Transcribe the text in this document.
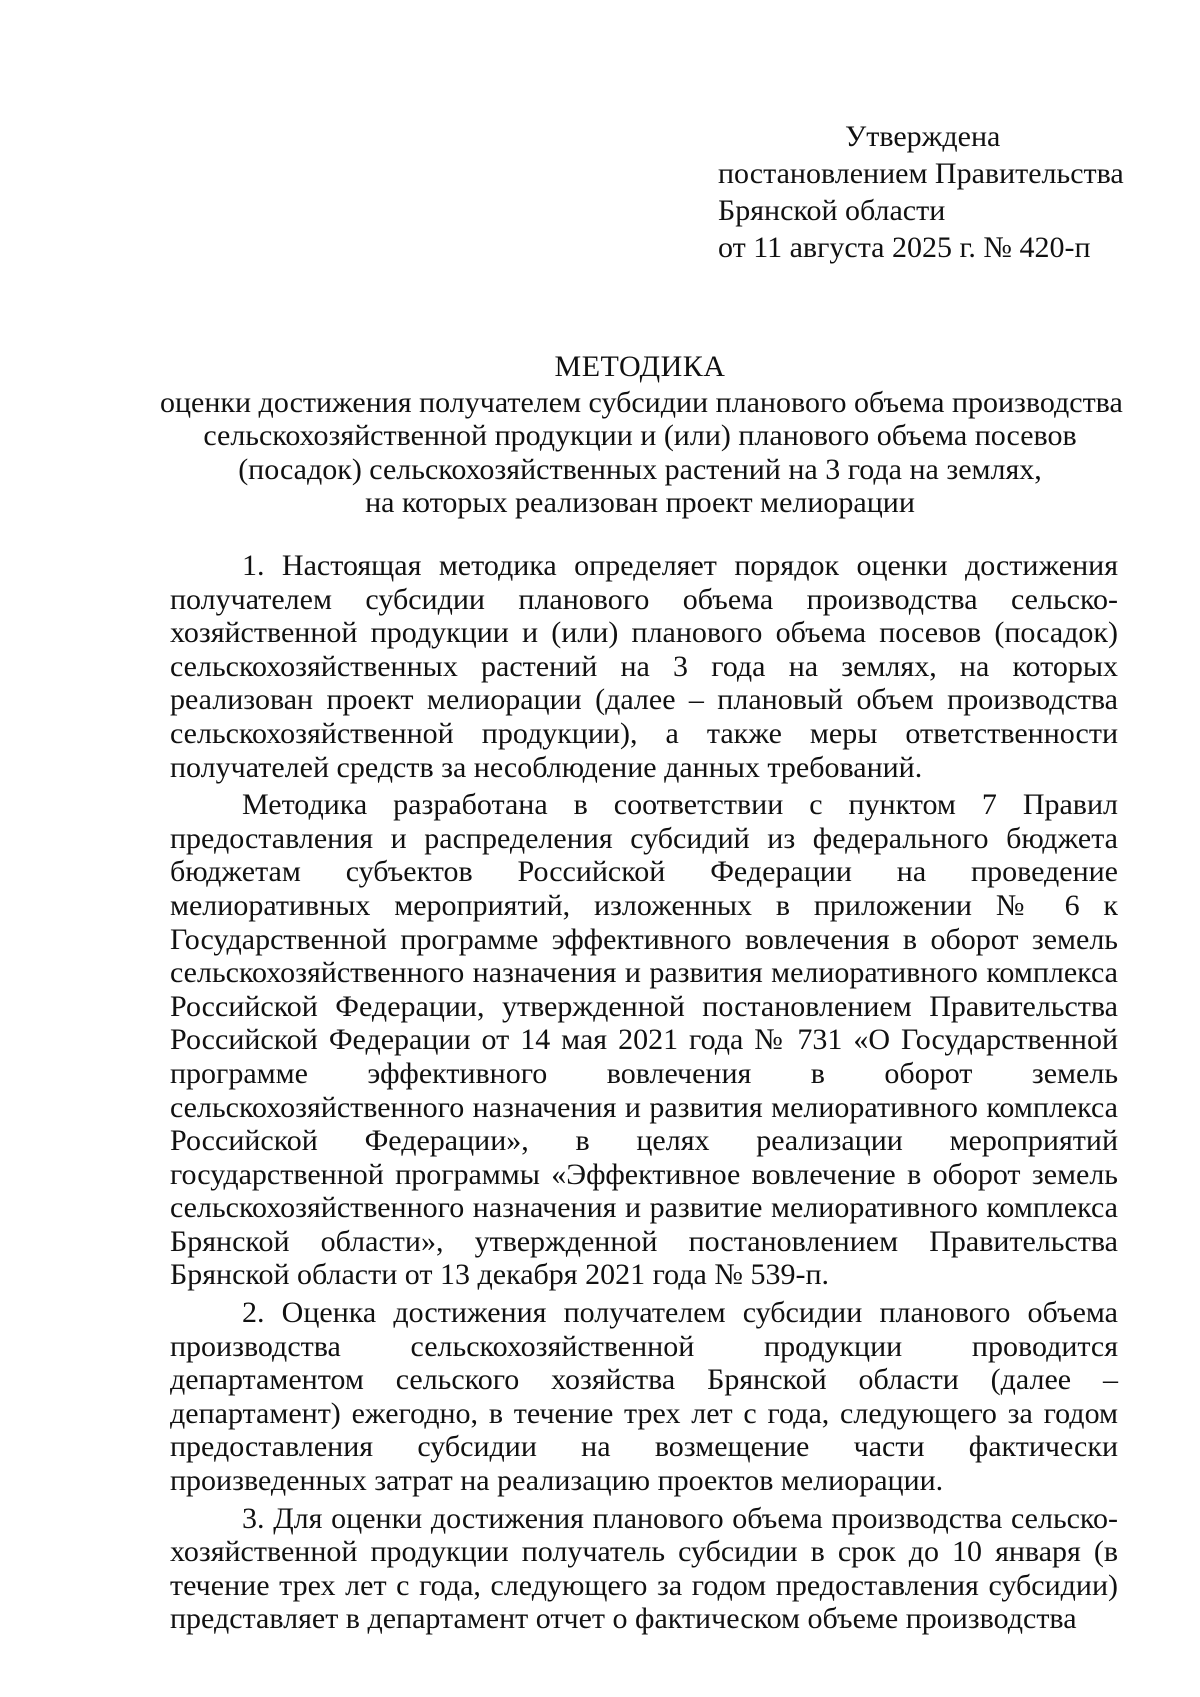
Утверждена
постановлением Правительства
Брянской области
от 11 августа 2025 г. № 420-п
МЕТОДИКА
оценки достижения получателем субсидии планового объема производства
сельскохозяйственной продукции и (или) планового объема посевов
(посадок) сельскохозяйственных растений на 3 года на землях,
на которых реализован проект мелиорации

1. Настоящая методика определяет порядок оценки достижения получателем субсидии планового объема производства сельскохозяйственной продукции и (или) планового объема посевов (посадок) сельскохозяйственных растений на 3 года на землях, на которых реализован проект мелиорации (далее – плановый объем производства сельскохозяйственной продукции), а также меры ответственности получателей средств за несоблюдение данных требований.

Методика разработана в соответствии с пунктом 7 Правил предоставления и распределения субсидий из федерального бюджета бюджетам субъектов Российской Федерации на проведение мелиоративных мероприятий, изложенных в приложении № 6 к Государственной программе эффективного вовлечения в оборот земель сельскохозяйственного назначения и развития мелиоративного комплекса Российской Федерации, утвержденной постановлением Правительства Российской Федерации от 14 мая 2021 года № 731 «О Государственной программе эффективного вовлечения в оборот земель сельскохозяйственного назначения и развития мелиоративного комплекса Российской Федерации», в целях реализации мероприятий государственной программы «Эффективное вовлечение в оборот земель сельскохозяйственного назначения и развитие мелиоративного комплекса Брянской области», утвержденной постановлением Правительства Брянской области от 13 декабря 2021 года № 539-п.

2. Оценка достижения получателем субсидии планового объема производства сельскохозяйственной продукции проводится департаментом сельского хозяйства Брянской области (далее – департамент) ежегодно, в течение трех лет с года, следующего за годом предоставления субсидии на возмещение части фактически произведенных затрат на реализацию проектов мелиорации.

3. Для оценки достижения планового объема производства сельскохозяйственной продукции получатель субсидии в срок до 10 января (в течение трех лет с года, следующего за годом предоставления субсидии) представляет в департамент отчет о фактическом объеме производства
